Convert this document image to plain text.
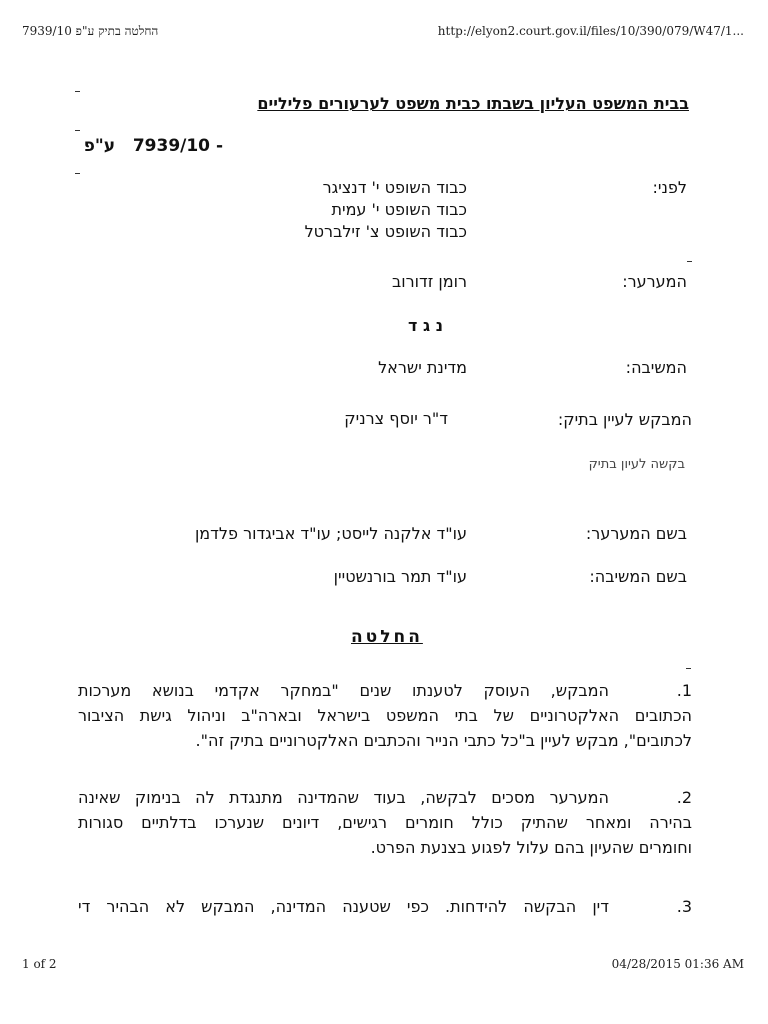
החלטה בתיק ע"פ 7939/10	http://elyon2.court.gov.il/files/10/390/079/W47/1...
1 of 2	04/28/2015 01:36 AM
בבית המשפט העליון בשבתו כבית משפט לערעורים פליליים
- 7939/10   ע"פ
לפני:
כבוד השופט י' דנציגר
כבוד השופט י' עמית
כבוד השופט צ' זילברטל
המערער:
רומן זדורוב
נ ג ד
המשיבה:
מדינת ישראל
המבקש לעיין בתיק:
ד"ר יוסף צרניק
בקשה לעיון בתיק
בשם המערער:
עו"ד אלקנה לייסט; עו"ד אביגדור פלדמן
בשם המשיבה:
עו"ד תמר בורנשטיין
החלטה
1.המבקש, העוסק לטענתו שנים "במחקר אקדמי בנושא מערכות
הכתובים האלקטרוניים של בתי המשפט בישראל ובארה"ב וניהול גישת הציבור
לכתובים", מבקש לעיין ב"כל כתבי הנייר והכתבים האלקטרוניים בתיק זה".
2.המערער מסכים לבקשה, בעוד שהמדינה מתנגדת לה בנימוק שאינה
בהירה ומאחר שהתיק כולל חומרים רגישים, דיונים שנערכו בדלתיים סגורות
וחומרים שהעיון בהם עלול לפגוע בצנעת הפרט.
3.דין הבקשה להידחות. כפי שטענה המדינה, המבקש לא הבהיר די
